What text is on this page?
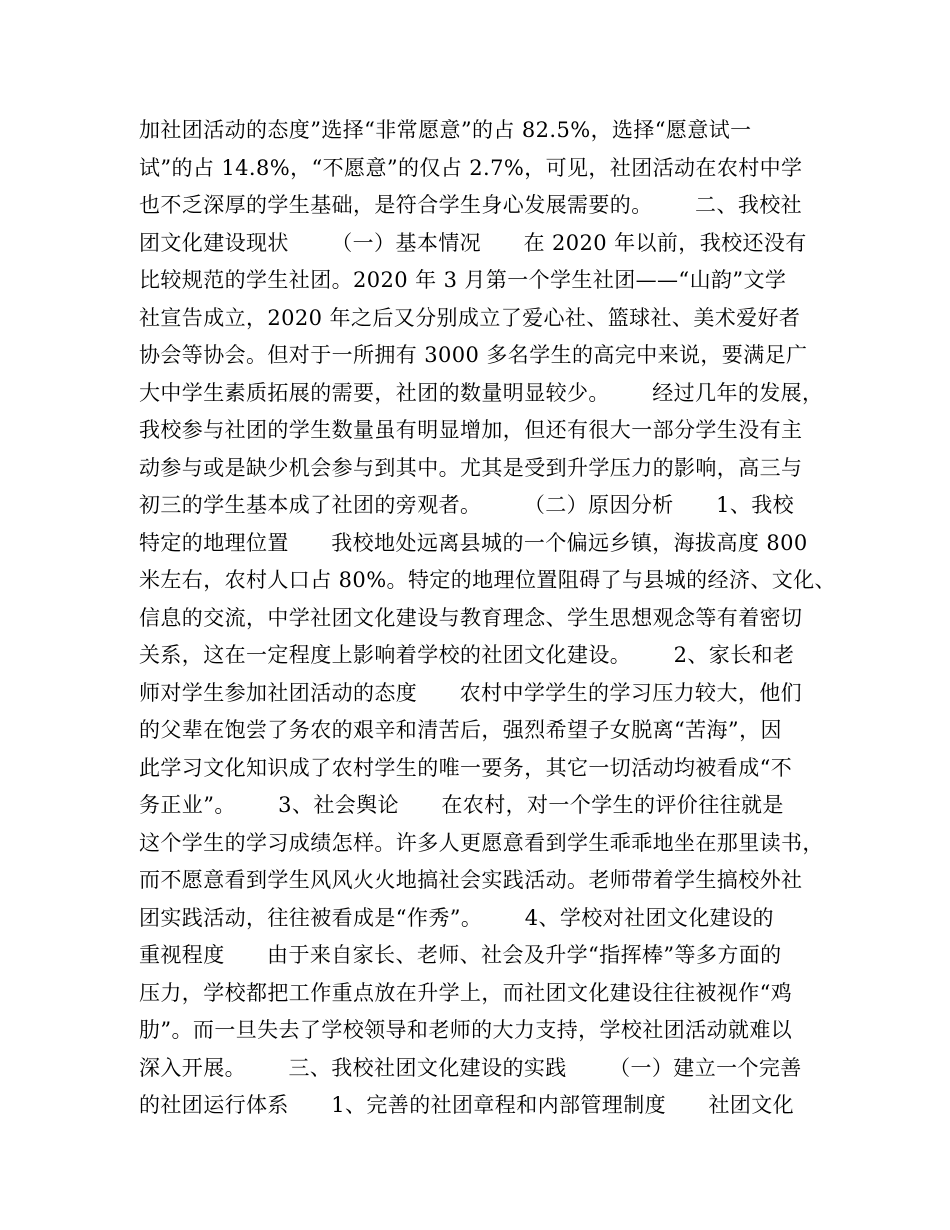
加社团活动的态度”选择“非常愿意”的占 82.5%，选择“愿意试一
试”的占 14.8%，“不愿意”的仅占 2.7%，可见，社团活动在农村中学
也不乏深厚的学生基础，是符合学生身心发展需要的。      二、我校社
团文化建设现状      （一）基本情况      在 2020 年以前，我校还没有
比较规范的学生社团。2020 年 3 月第一个学生社团——“山韵”文学
社宣告成立，2020 年之后又分别成立了爱心社、篮球社、美术爱好者
协会等协会。但对于一所拥有 3000 多名学生的高完中来说，要满足广
大中学生素质拓展的需要，社团的数量明显较少。      经过几年的发展，
我校参与社团的学生数量虽有明显增加，但还有很大一部分学生没有主
动参与或是缺少机会参与到其中。尤其是受到升学压力的影响，高三与
初三的学生基本成了社团的旁观者。      （二）原因分析      1、我校
特定的地理位置      我校地处远离县城的一个偏远乡镇，海拔高度 800
米左右，农村人口占 80%。特定的地理位置阻碍了与县城的经济、文化、
信息的交流，中学社团文化建设与教育理念、学生思想观念等有着密切
关系，这在一定程度上影响着学校的社团文化建设。      2、家长和老
师对学生参加社团活动的态度      农村中学学生的学习压力较大，他们
的父辈在饱尝了务农的艰辛和清苦后，强烈希望子女脱离“苦海”，因
此学习文化知识成了农村学生的唯一要务，其它一切活动均被看成“不
务正业”。      3、社会舆论      在农村，对一个学生的评价往往就是
这个学生的学习成绩怎样。许多人更愿意看到学生乖乖地坐在那里读书，
而不愿意看到学生风风火火地搞社会实践活动。老师带着学生搞校外社
团实践活动，往往被看成是“作秀”。      4、学校对社团文化建设的
重视程度      由于来自家长、老师、社会及升学“指挥棒”等多方面的
压力，学校都把工作重点放在升学上，而社团文化建设往往被视作“鸡
肋”。而一旦失去了学校领导和老师的大力支持，学校社团活动就难以
深入开展。      三、我校社团文化建设的实践      （一）建立一个完善
的社团运行体系      1、完善的社团章程和内部管理制度      社团文化
